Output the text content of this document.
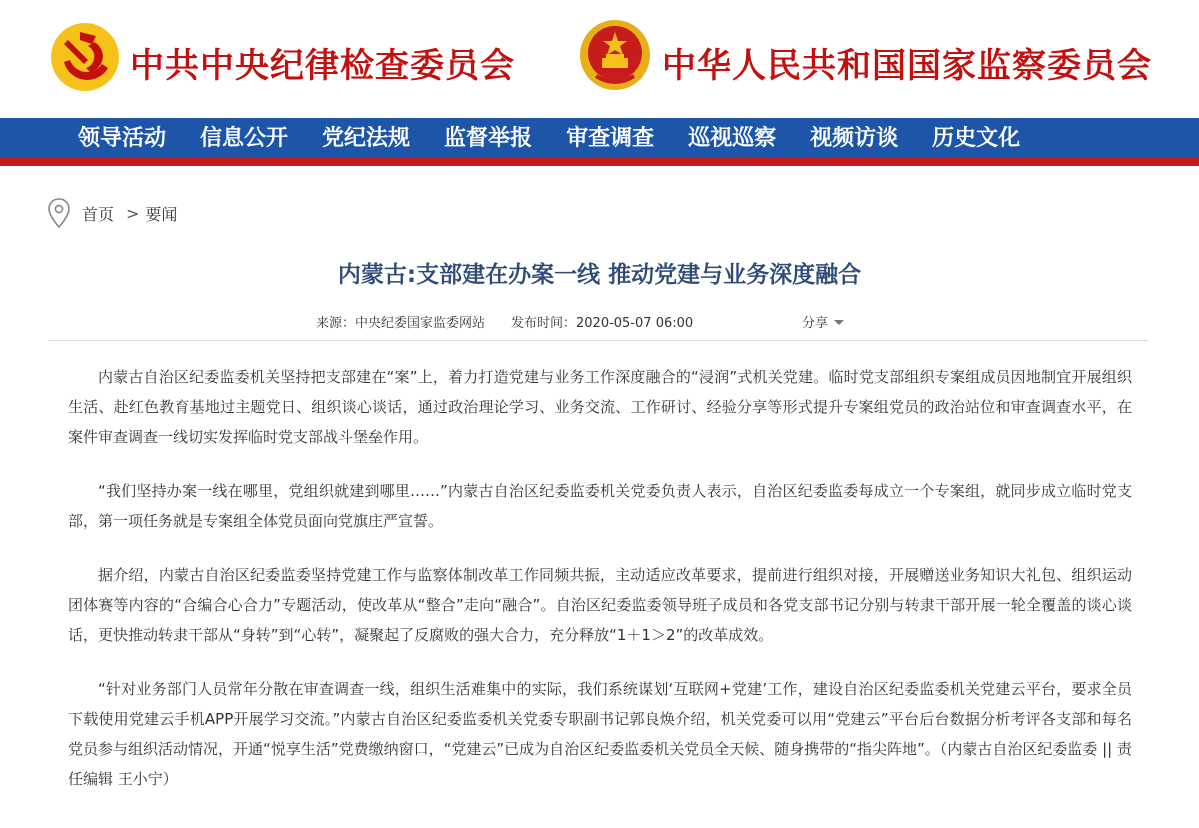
中共中央纪律检查委员会	中华人民共和国国家监察委员会
领导活动 信息公开 党纪法规 监督举报 审查调查 巡视巡察 视频访谈 历史文化
首页 > 要闻
内蒙古:支部建在办案一线 推动党建与业务深度融合
来源：中央纪委国家监委网站 发布时间：2020-05-07 06:00	分享

内蒙古自治区纪委监委机关坚持把支部建在“案”上，着力打造党建与业务工作深度融合的“浸润”式机关党建。临时党支部组织专案组成员因地制宜开展组织生活、赴红色教育基地过主题党日、组织谈心谈话，通过政治理论学习、业务交流、工作研讨、经验分享等形式提升专案组党员的政治站位和审查调查水平，在案件审查调查一线切实发挥临时党支部战斗堡垒作用。

“我们坚持办案一线在哪里，党组织就建到哪里……”内蒙古自治区纪委监委机关党委负责人表示，自治区纪委监委每成立一个专案组，就同步成立临时党支部，第一项任务就是专案组全体党员面向党旗庄严宣誓。

据介绍，内蒙古自治区纪委监委坚持党建工作与监察体制改革工作同频共振，主动适应改革要求，提前进行组织对接，开展赠送业务知识大礼包、组织运动团体赛等内容的“合编合心合力”专题活动，使改革从“整合”走向“融合”。自治区纪委监委领导班子成员和各党支部书记分别与转隶干部开展一轮全覆盖的谈心谈话，更快推动转隶干部从“身转”到“心转”，凝聚起了反腐败的强大合力，充分释放“1＋1＞2”的改革成效。

“针对业务部门人员常年分散在审查调查一线，组织生活难集中的实际，我们系统谋划‘互联网+党建’工作，建设自治区纪委监委机关党建云平台，要求全员下载使用党建云手机APP开展学习交流。”内蒙古自治区纪委监委机关党委专职副书记郭良焕介绍，机关党委可以用“党建云”平台后台数据分析考评各支部和每名党员参与组织活动情况，开通“悦享生活”党费缴纳窗口，“党建云”已成为自治区纪委监委机关党员全天候、随身携带的“指尖阵地”。（内蒙古自治区纪委监委 || 责任编辑 王小宁）
